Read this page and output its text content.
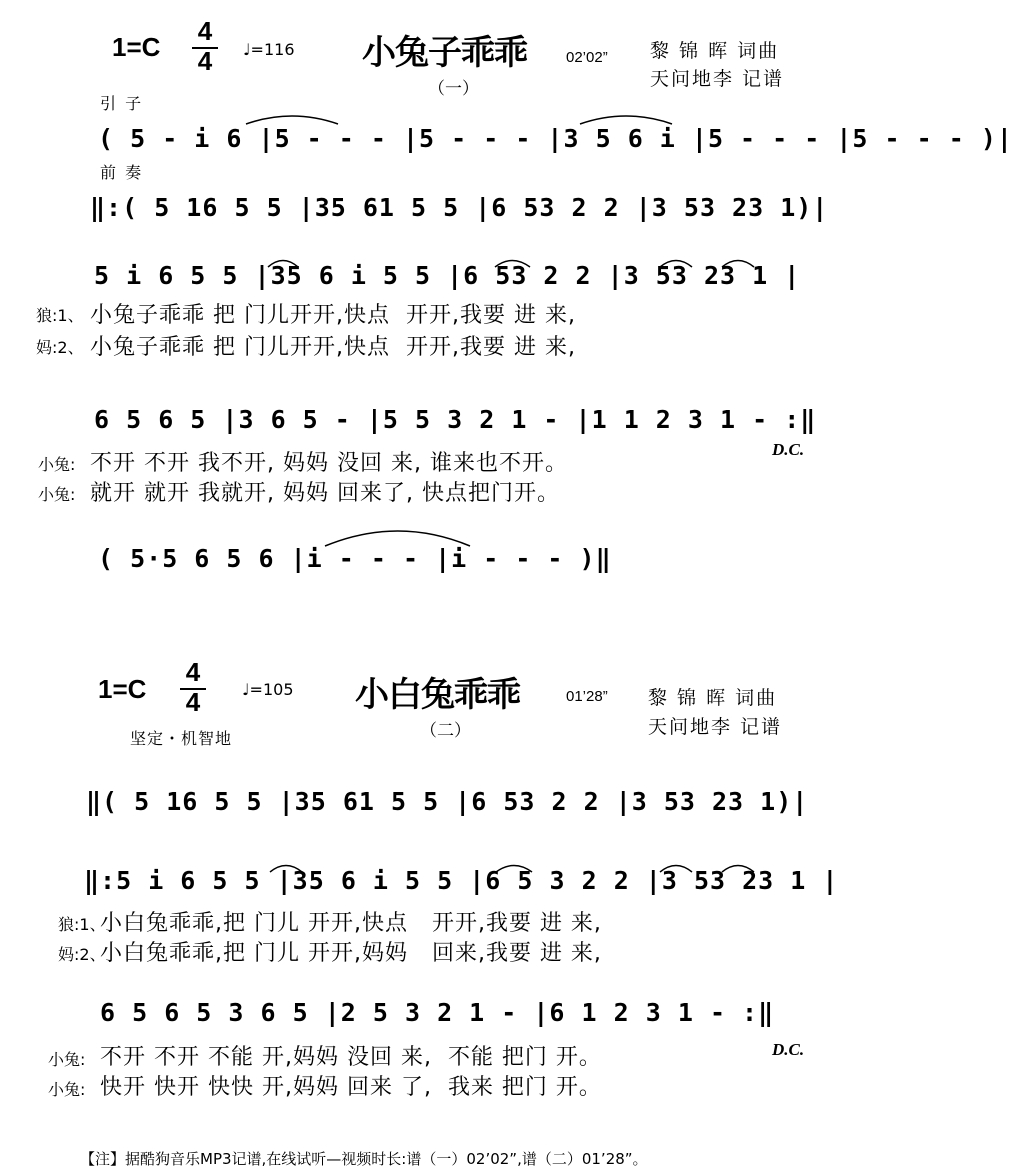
1=C
4
4	♩=116 小兔子乖乖	02’02” 黎 锦 晖 词曲
天问地李 记谱
（一）
引 子
( 5 - i 6 |5 - - - |5 - - - |3 5 6 i |5 - - - |5 - - - )|
前 奏
‖:( 5 16 5 5 |35 61 5 5 |6 53 2 2 |3 53 23 1)|
5 i 6 5 5 |35 6 i 5 5 |6 53 2 2 |3 53 23 1 |
狼:1、 小兔子乖乖 把 门儿开开,快点  开开,我要 进 来,
妈:2、 小兔子乖乖 把 门儿开开,快点  开开,我要 进 来,
6 5 6 5 |3 6 5 - |5 5 3 2 1 - |1 1 2 3 1 - :‖
小兔: 不开 不开 我不开, 妈妈 没回 来, 谁来也不开。
D.C.
小兔: 就开 就开 我就开, 妈妈 回来了, 快点把门开。
( 5·5 6 5 6 |i - - - |i - - - )‖
1=C
4
4	♩=105 小白兔乖乖	01’28” 黎 锦 晖 词曲
天问地李 记谱
（二）
坚定・机智地
‖( 5 16 5 5 |35 61 5 5 |6 53 2 2 |3 53 23 1)|
‖:5 i 6 5 5 |35 6 i 5 5 |6 5 3 2 2 |3 53 23 1 |
狼:1、
小白兔乖乖,把 门儿 开开,快点   开开,我要 进 来,
妈:2、
小白兔乖乖,把 门儿 开开,妈妈   回来,我要 进 来,
6 5 6 5 3 6 5 |2 5 3 2 1 - |6 1 2 3 1 - :‖
小兔: 不开 不开 不能 开,妈妈 没回 来,  不能 把门 开。	D.C.
小兔: 快开 快开 快快 开,妈妈 回来 了,  我来 把门 开。
【注】据酷狗音乐MP3记谱,在线试听—视频时长:谱（一）02’02”,谱（二）01’28”。
